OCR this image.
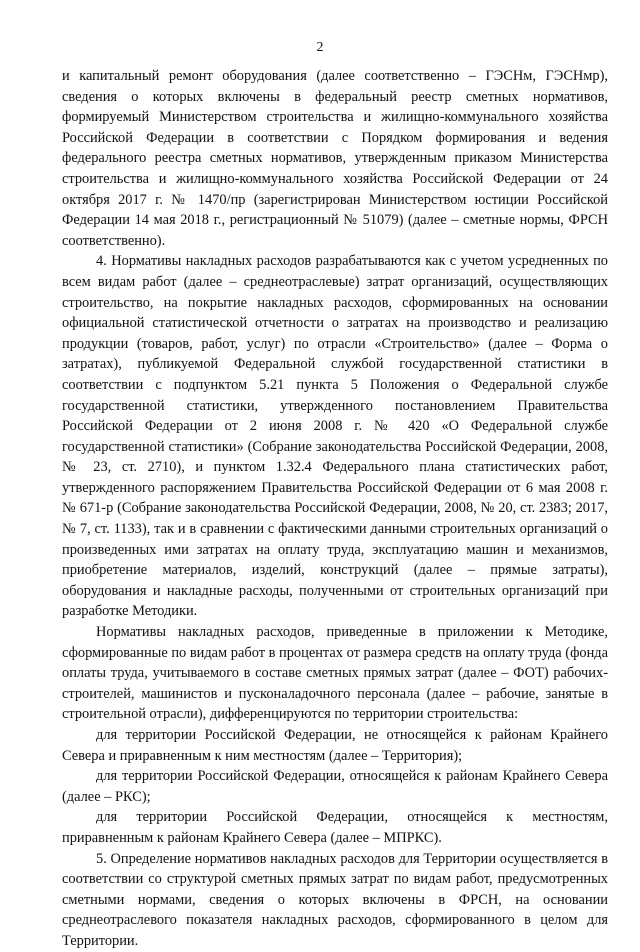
2

и капитальный ремонт оборудования (далее соответственно – ГЭСНм, ГЭСНмр), сведения о которых включены в федеральный реестр сметных нормативов, формируемый Министерством строительства и жилищно-коммунального хозяйства Российской Федерации в соответствии с Порядком формирования и ведения федерального реестра сметных нормативов, утвержденным приказом Министерства строительства и жилищно-коммунального хозяйства Российской Федерации от 24 октября 2017 г. № 1470/пр (зарегистрирован Министерством юстиции Российской Федерации 14 мая 2018 г., регистрационный № 51079) (далее – сметные нормы, ФРСН соответственно).

4. Нормативы накладных расходов разрабатываются как с учетом усредненных по всем видам работ (далее – среднеотраслевые) затрат организаций, осуществляющих строительство, на покрытие накладных расходов, сформированных на основании официальной статистической отчетности о затратах на производство и реализацию продукции (товаров, работ, услуг) по отрасли «Строительство» (далее – Форма о затратах), публикуемой Федеральной службой государственной статистики в соответствии с подпунктом 5.21 пункта 5 Положения о Федеральной службе государственной статистики, утвержденного постановлением Правительства Российской Федерации от 2 июня 2008 г. № 420 «О Федеральной службе государственной статистики» (Собрание законодательства Российской Федерации, 2008, № 23, ст. 2710), и пунктом 1.32.4 Федерального плана статистических работ, утвержденного распоряжением Правительства Российской Федерации от 6 мая 2008 г. № 671-р (Собрание законодательства Российской Федерации, 2008, № 20, ст. 2383; 2017, № 7, ст. 1133), так и в сравнении с фактическими данными строительных организаций о произведенных ими затратах на оплату труда, эксплуатацию машин и механизмов, приобретение материалов, изделий, конструкций (далее – прямые затраты), оборудования и накладные расходы, полученными от строительных организаций при разработке Методики.

Нормативы накладных расходов, приведенные в приложении к Методике, сформированные по видам работ в процентах от размера средств на оплату труда (фонда оплаты труда, учитываемого в составе сметных прямых затрат (далее – ФОТ) рабочих-строителей, машинистов и пусконаладочного персонала (далее – рабочие, занятые в строительной отрасли), дифференцируются по территории строительства:

для территории Российской Федерации, не относящейся к районам Крайнего Севера и приравненным к ним местностям (далее – Территория);

для территории Российской Федерации, относящейся к районам Крайнего Севера (далее – РКС);

для территории Российской Федерации, относящейся к местностям, приравненным к районам Крайнего Севера (далее – МПРКС).

5. Определение нормативов накладных расходов для Территории осуществляется в соответствии со структурой сметных прямых затрат по видам работ, предусмотренных сметными нормами, сведения о которых включены в ФРСН, на основании среднеотраслевого показателя накладных расходов, сформированного в целом для Территории.
